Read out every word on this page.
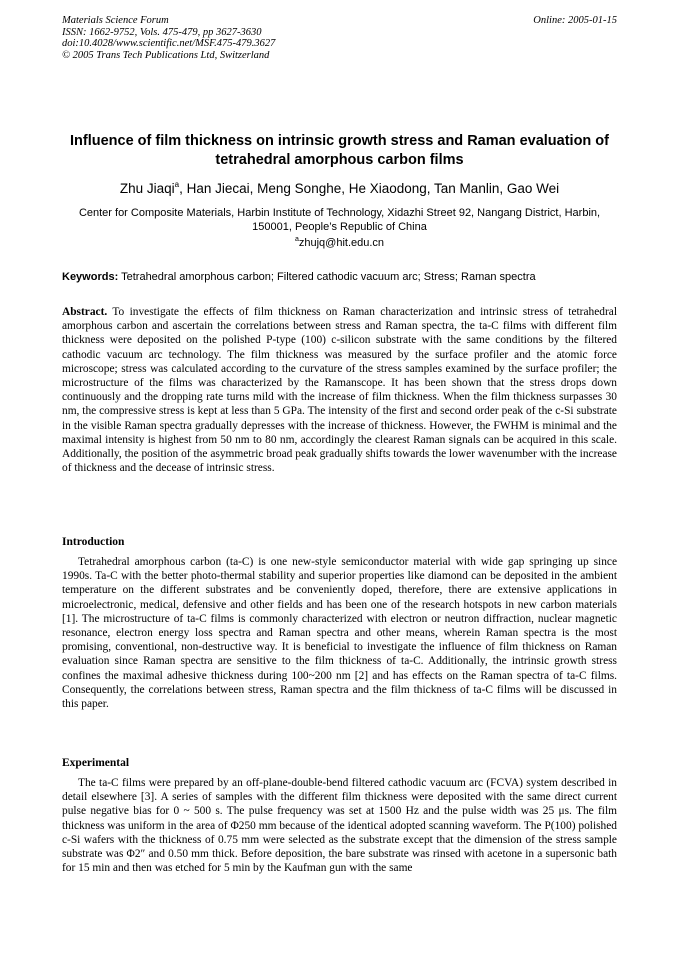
Materials Science Forum
ISSN: 1662-9752, Vols. 475-479, pp 3627-3630
doi:10.4028/www.scientific.net/MSF.475-479.3627
© 2005 Trans Tech Publications Ltd, Switzerland
Online: 2005-01-15
Influence of film thickness on intrinsic growth stress and Raman evaluation of tetrahedral amorphous carbon films
Zhu Jiaqi$^a$, Han Jiecai, Meng Songhe, He Xiaodong, Tan Manlin, Gao Wei
Center for Composite Materials, Harbin Institute of Technology, Xidazhi Street 92, Nangang District, Harbin, 150001, People’s Republic of China
$^a$zhujq@hit.edu.cn
Keywords: Tetrahedral amorphous carbon; Filtered cathodic vacuum arc; Stress; Raman spectra
Abstract. To investigate the effects of film thickness on Raman characterization and intrinsic stress of tetrahedral amorphous carbon and ascertain the correlations between stress and Raman spectra, the ta-C films with different film thickness were deposited on the polished P-type (100) c-silicon substrate with the same conditions by the filtered cathodic vacuum arc technology. The film thickness was measured by the surface profiler and the atomic force microscope; stress was calculated according to the curvature of the stress samples examined by the surface profiler; the microstructure of the films was characterized by the Ramanscope. It has been shown that the stress drops down continuously and the dropping rate turns mild with the increase of film thickness. When the film thickness surpasses 30 nm, the compressive stress is kept at less than 5 GPa. The intensity of the first and second order peak of the c-Si substrate in the visible Raman spectra gradually depresses with the increase of thickness. However, the FWHM is minimal and the maximal intensity is highest from 50 nm to 80 nm, accordingly the clearest Raman signals can be acquired in this scale. Additionally, the position of the asymmetric broad peak gradually shifts towards the lower wavenumber with the increase of thickness and the decease of intrinsic stress.
Introduction
Tetrahedral amorphous carbon (ta-C) is one new-style semiconductor material with wide gap springing up since 1990s. Ta-C with the better photo-thermal stability and superior properties like diamond can be deposited in the ambient temperature on the different substrates and be conveniently doped, therefore, there are extensive applications in microelectronic, medical, defensive and other fields and has been one of the research hotspots in new carbon materials [1]. The microstructure of ta-C films is commonly characterized with electron or neutron diffraction, nuclear magnetic resonance, electron energy loss spectra and Raman spectra and other means, wherein Raman spectra is the most promising, conventional, non-destructive way. It is beneficial to investigate the influence of film thickness on Raman evaluation since Raman spectra are sensitive to the film thickness of ta-C. Additionally, the intrinsic growth stress confines the maximal adhesive thickness during 100~200 nm [2] and has effects on the Raman spectra of ta-C films. Consequently, the correlations between stress, Raman spectra and the film thickness of ta-C films will be discussed in this paper.
Experimental
The ta-C films were prepared by an off-plane-double-bend filtered cathodic vacuum arc (FCVA) system described in detail elsewhere [3]. A series of samples with the different film thickness were deposited with the same direct current pulse negative bias for 0 ~ 500 s. The pulse frequency was set at 1500 Hz and the pulse width was 25 μs. The film thickness was uniform in the area of Φ250 mm because of the identical adopted scanning waveform. The P(100) polished c-Si wafers with the thickness of 0.75 mm were selected as the substrate except that the dimension of the stress sample substrate was Φ2″ and 0.50 mm thick. Before deposition, the bare substrate was rinsed with acetone in a supersonic bath for 15 min and then was etched for 5 min by the Kaufman gun with the same
